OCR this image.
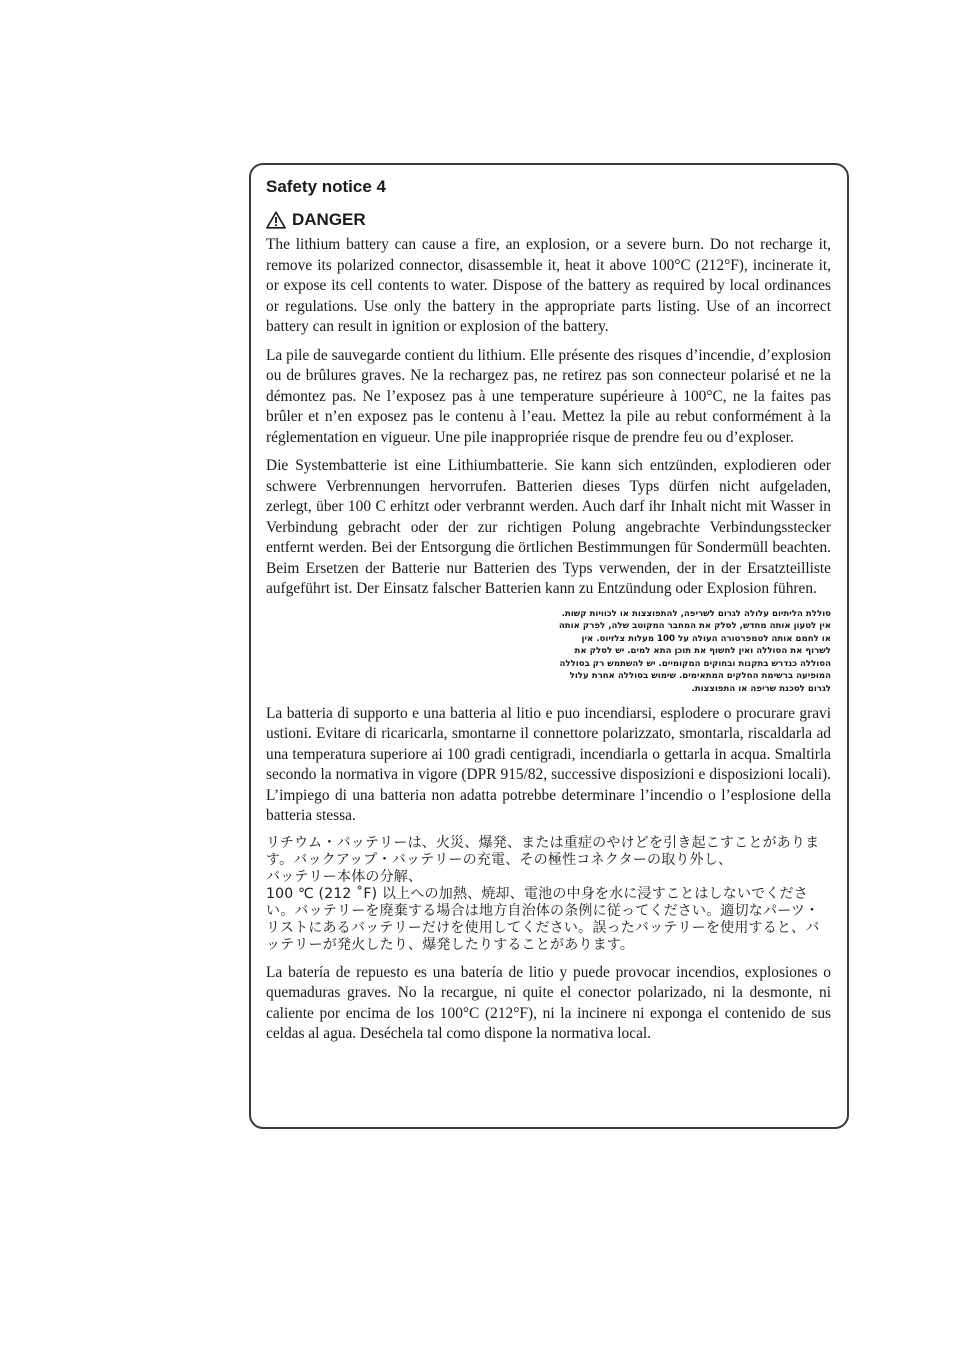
Safety notice 4
DANGER

The lithium battery can cause a fire, an explosion, or a severe burn. Do not recharge it, remove its polarized connector, disassemble it, heat it above 100°C (212°F), incinerate it, or expose its cell contents to water. Dispose of the battery as required by local ordinances or regulations. Use only the battery in the appropriate parts listing. Use of an incorrect battery can result in ignition or explosion of the battery.

La pile de sauvegarde contient du lithium. Elle présente des risques d’incendie, d’explosion ou de brûlures graves. Ne la rechargez pas, ne retirez pas son connecteur polarisé et ne la démontez pas. Ne l’exposez pas à une temperature supérieure à 100°C, ne la faites pas brûler et n’en exposez pas le contenu à l’eau. Mettez la pile au rebut conformément à la réglementation en vigueur. Une pile inappropriée risque de prendre feu ou d’exploser.

Die Systembatterie ist eine Lithiumbatterie. Sie kann sich entzünden, explodieren oder schwere Verbrennungen hervorrufen. Batterien dieses Typs dürfen nicht aufgeladen, zerlegt, über 100 C erhitzt oder verbrannt werden. Auch darf ihr Inhalt nicht mit Wasser in Verbindung gebracht oder der zur richtigen Polung angebrachte Verbindungsstecker entfernt werden. Bei der Entsorgung die örtlichen Bestimmungen für Sondermüll beachten. Beim Ersetzen der Batterie nur Batterien des Typs verwenden, der in der Ersatzteilliste aufgeführt ist. Der Einsatz falscher Batterien kann zu Entzündung oder Explosion führen.

סוללת הליתיום עלולה לגרום לשריפה, להתפוצצות או לכוויות קשות. אין לטעון אותה מחדש, לסלק את המחבר המקוטב שלה, לפרק אותה או לחמם אותה לטמפרטורה העולה על 100 מעלות צלזיוס. אין לשרוף את הסוללה ואין לחשוף את תוכן התא למים. יש לסלק את הסוללה כנדרש בתקנות ובחוקים המקומיים. יש להשתמש רק בסוללה המופיעה ברשימת החלקים המתאימים. שימוש בסוללה אחרת עלול לגרום לסכנת שריפה או התפוצצות.

La batteria di supporto e una batteria al litio e puo incendiarsi, esplodere o procurare gravi ustioni. Evitare di ricaricarla, smontarne il connettore polarizzato, smontarla, riscaldarla ad una temperatura superiore ai 100 gradi centigradi, incendiarla o gettarla in acqua. Smaltirla secondo la normativa in vigore (DPR 915/82, successive disposizioni e disposizioni locali). L’impiego di una batteria non adatta potrebbe determinare l’incendio o l’esplosione della batteria stessa.

リチウム・バッテリーは、火災、爆発、または重症のやけどを引き起こすことがあります。バックアップ・バッテリーの充電、その極性コネクターの取り外し、
バッテリー本体の分解、
100 ℃ (212 ˚F) 以上への加熱、焼却、電池の中身を水に浸すことはしないでください。バッテリーを廃棄する場合は地方自治体の条例に従ってください。適切なパーツ・リストにあるバッテリーだけを使用してください。誤ったバッテリーを使用すると、バッテリーが発火したり、爆発したりすることがあります。

La batería de repuesto es una batería de litio y puede provocar incendios, explosiones o quemaduras graves. No la recargue, ni quite el conector polarizado, ni la desmonte, ni caliente por encima de los 100°C (212°F), ni la incinere ni exponga el contenido de sus celdas al agua. Deséchela tal como dispone la normativa local.
